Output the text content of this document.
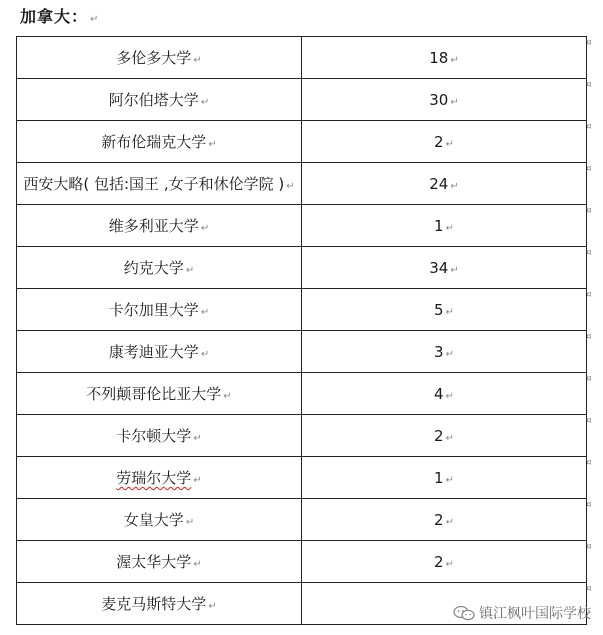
加拿大： ↵
多伦多大学 ↵	18 ↵
阿尔伯塔大学 ↵	30 ↵
新布伦瑞克大学 ↵	2 ↵
西安大略( 包括:国王 ,女子和休伦学院 ) ↵	24 ↵
维多利亚大学 ↵	1 ↵
约克大学 ↵	34 ↵
卡尔加里大学 ↵	5 ↵
康考迪亚大学 ↵	3 ↵
不列颠哥伦比亚大学 ↵	4 ↵
卡尔顿大学 ↵	2 ↵
劳瑞尔大学 ↵	1 ↵
女皇大学 ↵	2 ↵
渥太华大学 ↵	2 ↵
麦克马斯特大学 ↵	
¤
¤
¤
¤
¤
¤
¤
¤
¤
¤
¤
¤
¤
¤
镇江枫叶国际学校
